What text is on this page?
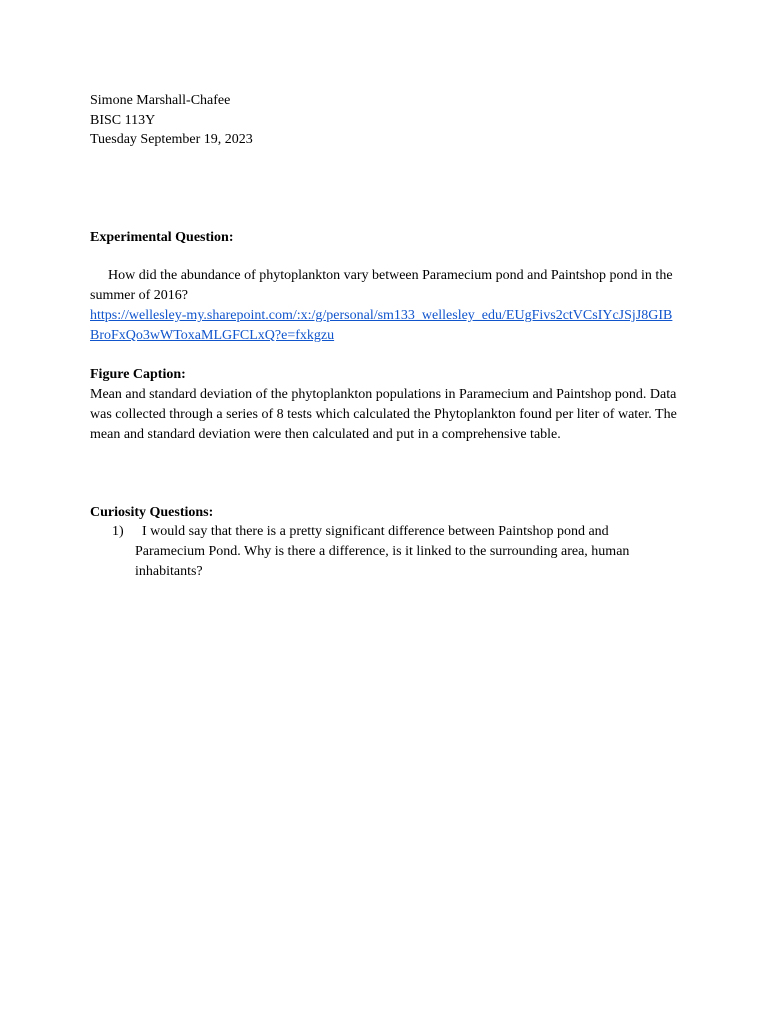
Simone Marshall-Chafee
BISC 113Y
Tuesday September 19, 2023
Experimental Question:
How did the abundance of phytoplankton vary between Paramecium pond and Paintshop pond in the summer of 2016?
https://wellesley-my.sharepoint.com/:x:/g/personal/sm133_wellesley_edu/EUgFivs2ctVCsIYcJSjJ8GIBBroFxQo3wWToxaMLGFCLxQ?e=fxkgzu
Figure Caption:
Mean and standard deviation of the phytoplankton populations in Paramecium and Paintshop pond. Data was collected through a series of 8 tests which calculated the Phytoplankton found per liter of water. The mean and standard deviation were then calculated and put in a comprehensive table.
Curiosity Questions:
1)	I would say that there is a pretty significant difference between Paintshop pond and Paramecium Pond. Why is there a difference, is it linked to the surrounding area, human inhabitants?
